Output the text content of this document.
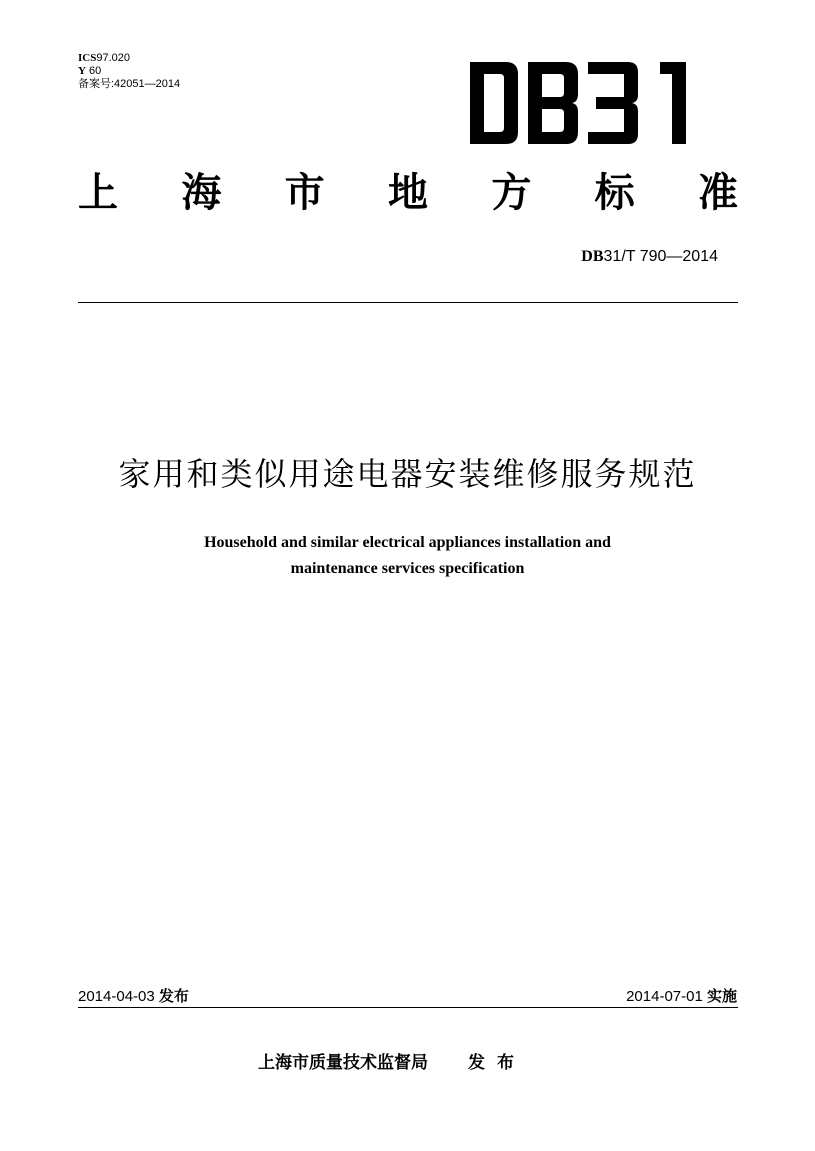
ICS97.020
Y 60
备案号:42051—2014
上 海 市 地 方 标 准
DB31/T 790—2014
家用和类似用途电器安装维修服务规范
Household and similar electrical appliances installation and
maintenance services specification
2014-04-03 发布	2014-07-01 实施
上海市质量技术监督局 发布
